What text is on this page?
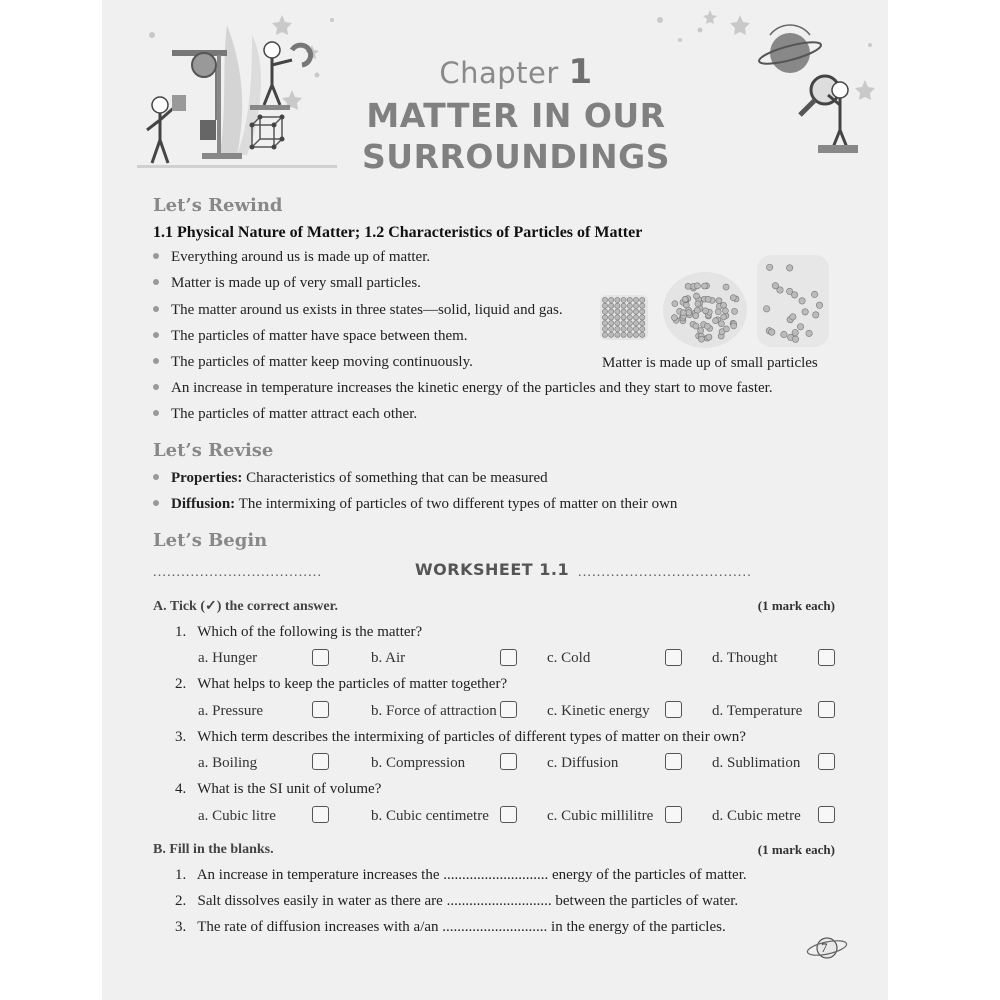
Chapter 1
MATTER IN OUR
SURROUNDINGS
Let’s Rewind
1.1 Physical Nature of Matter; 1.2 Characteristics of Particles of Matter
Everything around us is made up of matter.
Matter is made up of very small particles.
The matter around us exists in three states—solid, liquid and gas.
The particles of matter have space between them.
The particles of matter keep moving continuously.
An increase in temperature increases the kinetic energy of the particles and they start to move faster.
The particles of matter attract each other.
Matter is made up of small particles
Let’s Revise
Properties: Characteristics of something that can be measured
Diffusion: The intermixing of particles of two different types of matter on their own
Let’s Begin
....................................	WORKSHEET 1.1 .....................................
A. Tick (✓) the correct answer.	(1 mark each)
1. Which of the following is the matter?
a. Hunger	b. Air	c. Cold	d. Thought
2. What helps to keep the particles of matter together?
a. Pressure	b. Force of attraction	c. Kinetic energy	d. Temperature
3. Which term describes the intermixing of particles of different types of matter on their own?
a. Boiling	b. Compression	c. Diffusion	d. Sublimation
4. What is the SI unit of volume?
a. Cubic litre	b. Cubic centimetre	c. Cubic millilitre	d. Cubic metre
B. Fill in the blanks.	(1 mark each)
1. An increase in temperature increases the ............................ energy of the particles of matter.
2. Salt dissolves easily in water as there are ............................ between the particles of water.
3. The rate of diffusion increases with a/an ............................ in the energy of the particles.
7
